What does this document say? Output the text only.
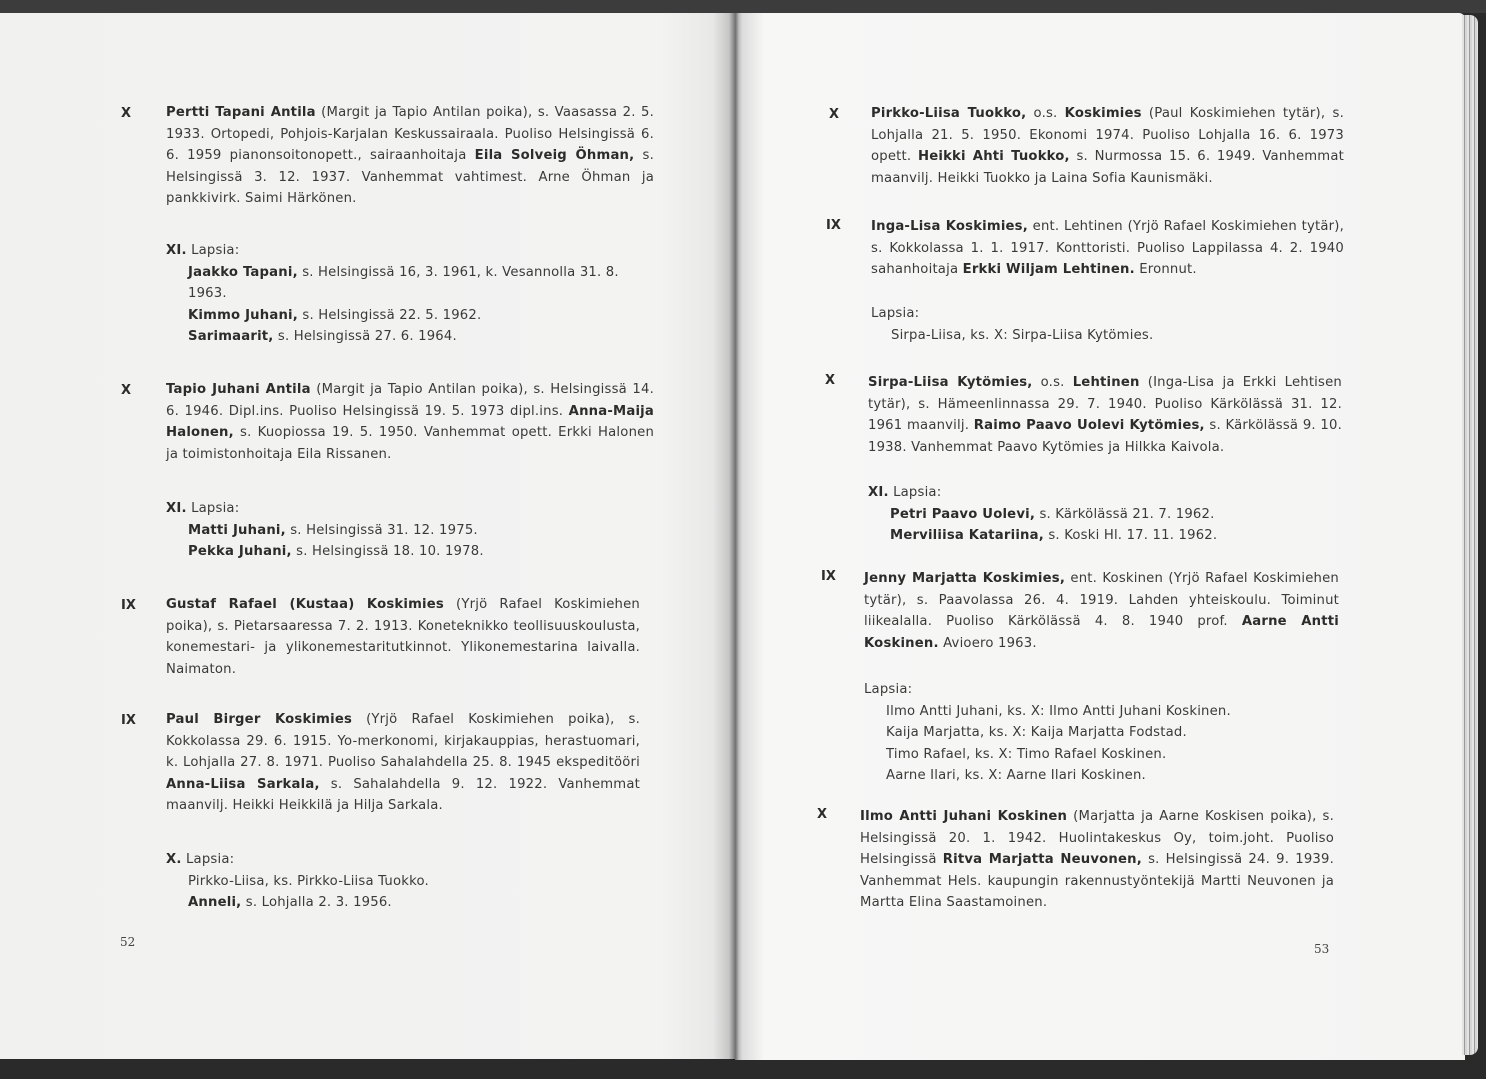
X	Pertti Tapani Antila (Margit ja Tapio Antilan poika), s. Vaasassa 2. 5. 1933. Ortopedi, Pohjois-Karjalan Keskussairaala. Puoliso Helsingissä 6. 6. 1959 pianonsoitonopett., sairaanhoitaja Eila Solveig Öhman, s. Helsingissä 3. 12. 1937. Vanhemmat vahtimest. Arne Öhman ja pankkivirk. Saimi Härkönen.
XI. Lapsia:
Jaakko Tapani, s. Helsingissä 16, 3. 1961, k. Vesannolla 31. 8. 1963.
Kimmo Juhani, s. Helsingissä 22. 5. 1962.
Sarimaarit, s. Helsingissä 27. 6. 1964.
X	Tapio Juhani Antila (Margit ja Tapio Antilan poika), s. Helsingissä 14. 6. 1946. Dipl.ins. Puoliso Helsingissä 19. 5. 1973 dipl.ins. Anna-Maija Halonen, s. Kuopiossa 19. 5. 1950. Vanhemmat opett. Erkki Halonen ja toimistonhoitaja Eila Rissanen.
XI. Lapsia:
Matti Juhani, s. Helsingissä 31. 12. 1975.
Pekka Juhani, s. Helsingissä 18. 10. 1978.
IX Gustaf Rafael (Kustaa) Koskimies (Yrjö Rafael Koskimiehen poika), s. Pietarsaaressa 7. 2. 1913. Koneteknikko teollisuuskoulusta, konemestari- ja ylikonemestaritutkinnot. Ylikonemestarina laivalla. Naimaton.
IX Paul Birger Koskimies (Yrjö Rafael Koskimiehen poika), s. Kokkolassa 29. 6. 1915. Yo-merkonomi, kirjakauppias, herastuomari, k. Lohjalla 27. 8. 1971. Puoliso Sahalahdella 25. 8. 1945 ekspeditööri Anna-Liisa Sarkala, s. Sahalahdella 9. 12. 1922. Vanhemmat maanvilj. Heikki Heikkilä ja Hilja Sarkala.
X. Lapsia:
Pirkko-Liisa, ks. Pirkko-Liisa Tuokko.
Anneli, s. Lohjalla 2. 3. 1956.
52
X Pirkko-Liisa Tuokko, o.s. Koskimies (Paul Koskimiehen tytär), s. Lohjalla 21. 5. 1950. Ekonomi 1974. Puoliso Lohjalla 16. 6. 1973 opett. Heikki Ahti Tuokko, s. Nurmossa 15. 6. 1949. Vanhemmat maanvilj. Heikki Tuokko ja Laina Sofia Kaunismäki.
IX Inga-Lisa Koskimies, ent. Lehtinen (Yrjö Rafael Koskimiehen tytär), s. Kokkolassa 1. 1. 1917. Konttoristi. Puoliso Lappilassa 4. 2. 1940 sahanhoitaja Erkki Wiljam Lehtinen. Eronnut.
Lapsia:
Sirpa-Liisa, ks. X: Sirpa-Liisa Kytömies.
X Sirpa-Liisa Kytömies, o.s. Lehtinen (Inga-Lisa ja Erkki Lehtisen tytär), s. Hämeenlinnassa 29. 7. 1940. Puoliso Kärkölässä 31. 12. 1961 maanvilj. Raimo Paavo Uolevi Kytömies, s. Kärkölässä 9. 10. 1938. Vanhemmat Paavo Kytömies ja Hilkka Kaivola.
XI. Lapsia:
Petri Paavo Uolevi, s. Kärkölässä 21. 7. 1962.
Merviliisa Katariina, s. Koski Hl. 17. 11. 1962.
IX Jenny Marjatta Koskimies, ent. Koskinen (Yrjö Rafael Koskimiehen tytär), s. Paavolassa 26. 4. 1919. Lahden yhteiskoulu. Toiminut liikealalla. Puoliso Kärkölässä 4. 8. 1940 prof. Aarne Antti Koskinen. Avioero 1963.
Lapsia:
Ilmo Antti Juhani, ks. X: Ilmo Antti Juhani Koskinen.
Kaija Marjatta, ks. X: Kaija Marjatta Fodstad.
Timo Rafael, ks. X: Timo Rafael Koskinen.
Aarne Ilari, ks. X: Aarne Ilari Koskinen.
X Ilmo Antti Juhani Koskinen (Marjatta ja Aarne Koskisen poika), s. Helsingissä 20. 1. 1942. Huolintakeskus Oy, toim.joht. Puoliso Helsingissä Ritva Marjatta Neuvonen, s. Helsingissä 24. 9. 1939. Vanhemmat Hels. kaupungin rakennustyöntekijä Martti Neuvonen ja Martta Elina Saastamoinen.
53
